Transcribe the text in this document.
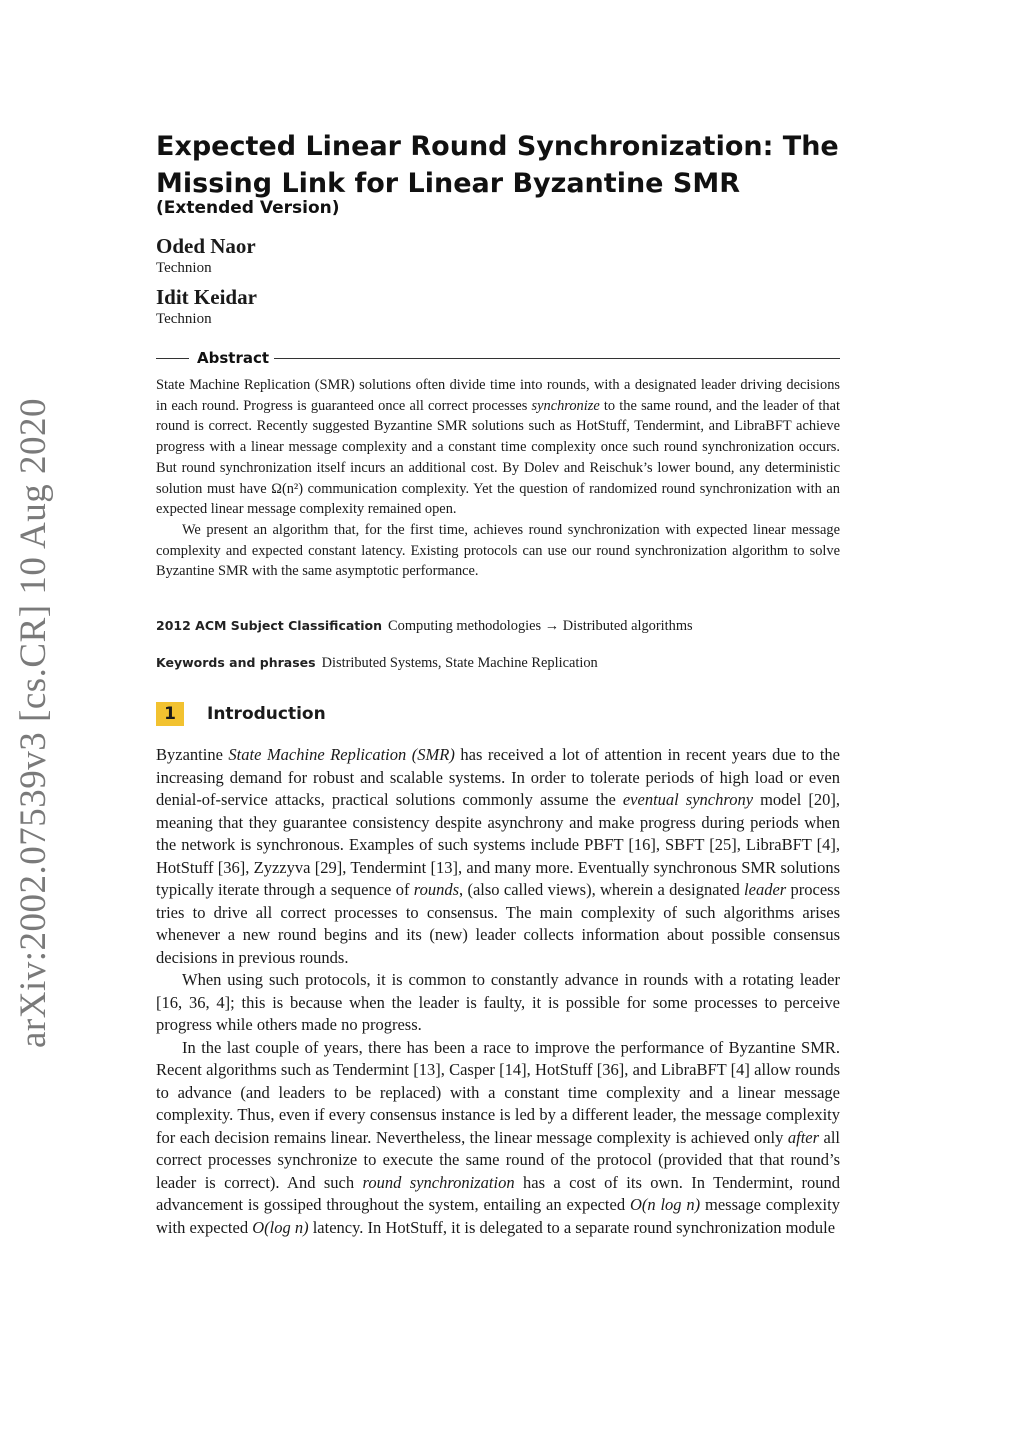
arXiv:2002.07539v3 [cs.CR] 10 Aug 2020
Expected Linear Round Synchronization: The Missing Link for Linear Byzantine SMR
(Extended Version)
Oded Naor
Technion
Idit Keidar
Technion
Abstract

State Machine Replication (SMR) solutions often divide time into rounds, with a designated leader driving decisions in each round. Progress is guaranteed once all correct processes synchronize to the same round, and the leader of that round is correct. Recently suggested Byzantine SMR solutions such as HotStuff, Tendermint, and LibraBFT achieve progress with a linear message complexity and a constant time complexity once such round synchronization occurs. But round synchronization itself incurs an additional cost. By Dolev and Reischuk’s lower bound, any deterministic solution must have Ω(n²) communication complexity. Yet the question of randomized round synchronization with an expected linear message complexity remained open.

We present an algorithm that, for the first time, achieves round synchronization with expected linear message complexity and expected constant latency. Existing protocols can use our round synchronization algorithm to solve Byzantine SMR with the same asymptotic performance.

2012 ACM Subject Classification Computing methodologies → Distributed algorithms
Keywords and phrases Distributed Systems, State Machine Replication
1	Introduction

Byzantine State Machine Replication (SMR) has received a lot of attention in recent years due to the increasing demand for robust and scalable systems. In order to tolerate periods of high load or even denial-of-service attacks, practical solutions commonly assume the eventual synchrony model [20], meaning that they guarantee consistency despite asynchrony and make progress during periods when the network is synchronous. Examples of such systems include PBFT [16], SBFT [25], LibraBFT [4], HotStuff [36], Zyzzyva [29], Tendermint [13], and many more. Eventually synchronous SMR solutions typically iterate through a sequence of rounds, (also called views), wherein a designated leader process tries to drive all correct processes to consensus. The main complexity of such algorithms arises whenever a new round begins and its (new) leader collects information about possible consensus decisions in previous rounds.

When using such protocols, it is common to constantly advance in rounds with a rotating leader [16, 36, 4]; this is because when the leader is faulty, it is possible for some processes to perceive progress while others made no progress.

In the last couple of years, there has been a race to improve the performance of Byzantine SMR. Recent algorithms such as Tendermint [13], Casper [14], HotStuff [36], and LibraBFT [4] allow rounds to advance (and leaders to be replaced) with a constant time complexity and a linear message complexity. Thus, even if every consensus instance is led by a different leader, the message complexity for each decision remains linear. Nevertheless, the linear message complexity is achieved only after all correct processes synchronize to execute the same round of the protocol (provided that that round’s leader is correct). And such round synchronization has a cost of its own. In Tendermint, round advancement is gossiped throughout the system, entailing an expected O(n log n) message complexity with expected O(log n) latency. In HotStuff, it is delegated to a separate round synchronization module
